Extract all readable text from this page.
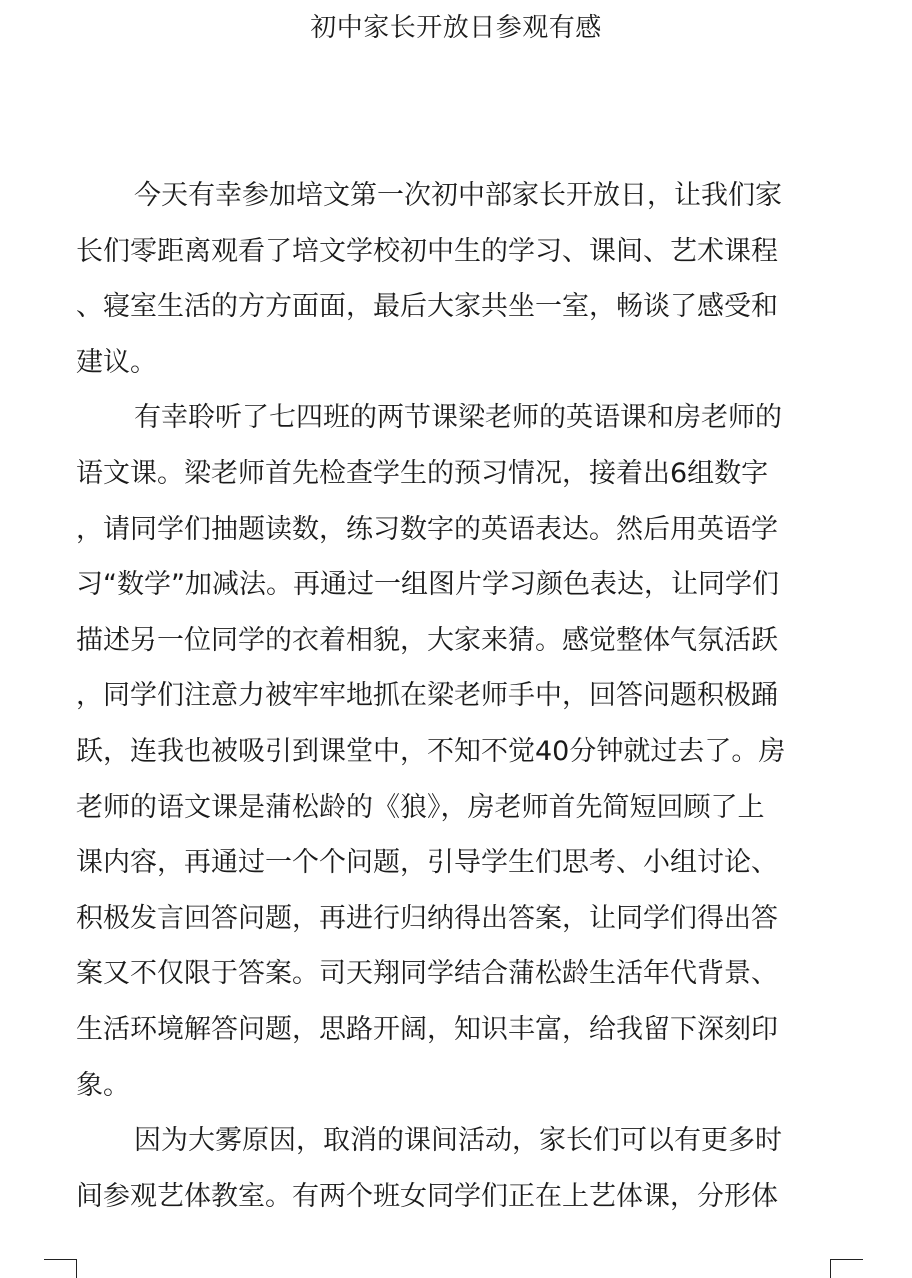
初中家长开放日参观有感
今天有幸参加培文第一次初中部家长开放日，让我们家
长们零距离观看了培文学校初中生的学习、课间、艺术课程
、寝室生活的方方面面，最后大家共坐一室，畅谈了感受和
建议。
有幸聆听了七四班的两节课梁老师的英语课和房老师的
语文课。梁老师首先检查学生的预习情况，接着出6组数字
，请同学们抽题读数，练习数字的英语表达。然后用英语学
习“数学”加减法。再通过一组图片学习颜色表达，让同学们
描述另一位同学的衣着相貌，大家来猜。感觉整体气氛活跃
，同学们注意力被牢牢地抓在梁老师手中，回答问题积极踊
跃，连我也被吸引到课堂中，不知不觉40分钟就过去了。房
老师的语文课是蒲松龄的《狼》，房老师首先简短回顾了上
课内容，再通过一个个问题，引导学生们思考、小组讨论、
积极发言回答问题，再进行归纳得出答案，让同学们得出答
案又不仅限于答案。司天翔同学结合蒲松龄生活年代背景、
生活环境解答问题，思路开阔，知识丰富，给我留下深刻印
象。
因为大雾原因，取消的课间活动，家长们可以有更多时
间参观艺体教室。有两个班女同学们正在上艺体课，分形体
